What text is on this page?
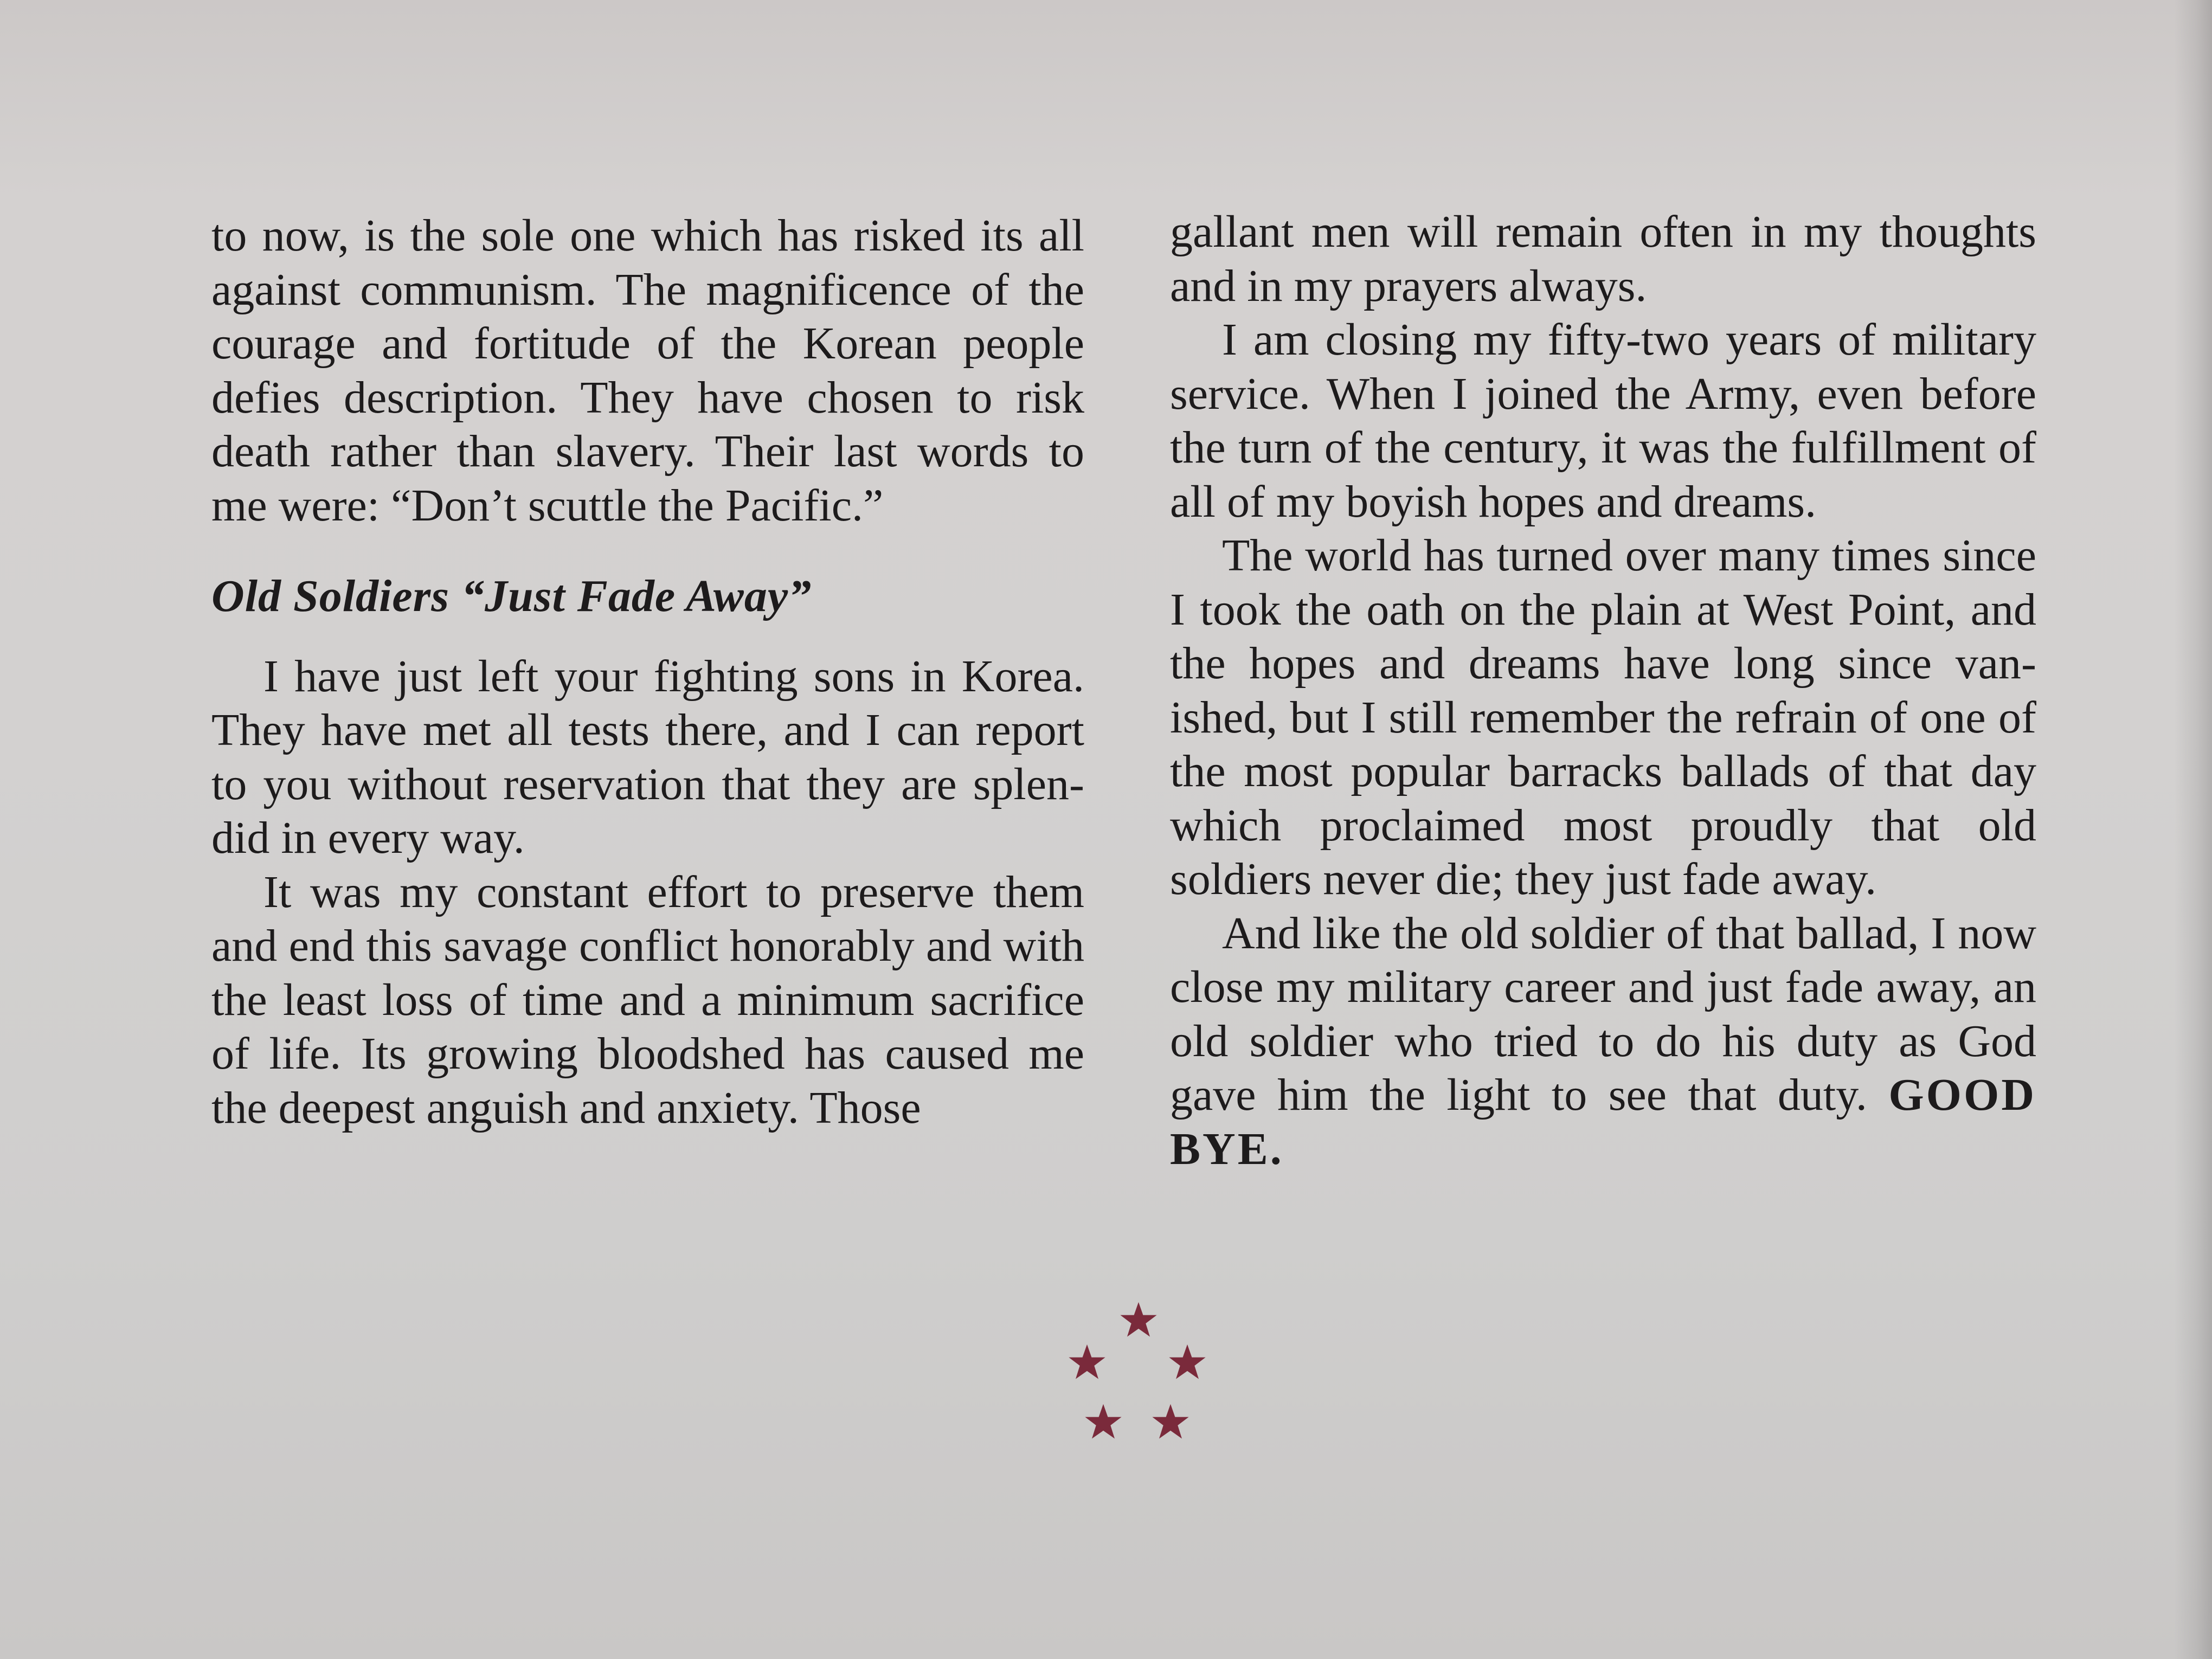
to now, is the sole one which has risked its all against communism. The magnificence of the courage and fortitude of the Korean people defies description. They have chosen to risk death rather than slavery. Their last words to me were: “Don’t scuttle the Pacific.”

Old Soldiers “Just Fade Away”

I have just left your fighting sons in Korea. They have met all tests there, and I can report to you without reservation that they are splendid in every way.

It was my constant effort to preserve them and end this savage conflict honorably and with the least loss of time and a minimum sacrifice of life. Its growing bloodshed has caused me the deepest anguish and anxiety. Those

gallant men will remain often in my thoughts and in my prayers always.

I am closing my fifty-two years of military service. When I joined the Army, even before the turn of the century, it was the fulfillment of all of my boyish hopes and dreams.

The world has turned over many times since I took the oath on the plain at West Point, and the hopes and dreams have long since vanished, but I still remember the refrain of one of the most popular barracks ballads of that day which proclaimed most proudly that old soldiers never die; they just fade away.

And like the old soldier of that ballad, I now close my military career and just fade away, an old soldier who tried to do his duty as God gave him the light to see that duty. GOOD BYE.
